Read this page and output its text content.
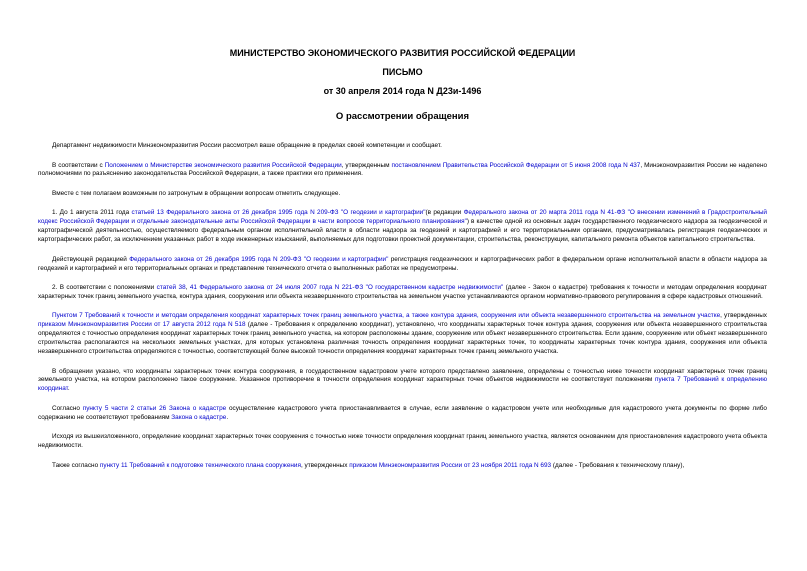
МИНИСТЕРСТВО ЭКОНОМИЧЕСКОГО РАЗВИТИЯ РОССИЙСКОЙ ФЕДЕРАЦИИ
ПИСЬМО
от 30 апреля 2014 года N Д23и-1496
О рассмотрении обращения

Департамент недвижимости Минэкономразвития России рассмотрел ваше обращение в пределах своей компетенции и сообщает.

В соответствии с Положением о Министерстве экономического развития Российской Федерации, утвержденным постановлением Правительства Российской Федерации от 5 июня 2008 года N 437, Минэкономразвития России не наделено полномочиями по разъяснению законодательства Российской Федерации, а также практики его применения.

Вместе с тем полагаем возможным по затронутым в обращении вопросам отметить следующее.

1. До 1 августа 2011 года статьей 13 Федерального закона от 26 декабря 1995 года N 209-ФЗ "О геодезии и картографии"(в редакции Федерального закона от 20 марта 2011 года N 41-ФЗ "О внесении изменений в Градостроительный кодекс Российской Федерации и отдельные законодательные акты Российской Федерации в части вопросов территориального планирования") в качестве одной из основных задач государственного геодезического надзора за геодезической и картографической деятельностью, осуществляемого федеральным органом исполнительной власти в области надзора за геодезией и картографией и его территориальными органами, предусматривалась регистрация геодезических и картографических работ, за исключением указанных работ в ходе инженерных изысканий, выполняемых для подготовки проектной документации, строительства, реконструкции, капитального ремонта объектов капитального строительства.

Действующей редакцией Федерального закона от 26 декабря 1995 года N 209-ФЗ "О геодезии и картографии" регистрация геодезических и картографических работ в федеральном органе исполнительной власти в области надзора за геодезией и картографией и его территориальных органах и представление технического отчета о выполненных работах не предусмотрены.

2. В соответствии с положениями статей 38, 41 Федерального закона от 24 июля 2007 года N 221-ФЗ "О государственном кадастре недвижимости" (далее - Закон о кадастре) требования к точности и методам определения координат характерных точек границ земельного участка, контура здания, сооружения или объекта незавершенного строительства на земельном участке устанавливаются органом нормативно-правового регулирования в сфере кадастровых отношений.

Пунктом 7 Требований к точности и методам определения координат характерных точек границ земельного участка, а также контура здания, сооружения или объекта незавершенного строительства на земельном участке, утвержденных приказом Минэкономразвития России от 17 августа 2012 года N 518 (далее - Требования к определению координат), установлено, что координаты характерных точек контура здания, сооружения или объекта незавершенного строительства определяются с точностью определения координат характерных точек границ земельного участка, на котором расположены здание, сооружение или объект незавершенного строительства. Если здание, сооружение или объект незавершенного строительства располагаются на нескольких земельных участках, для которых установлена различная точность определения координат характерных точек, то координаты характерных точек контура здания, сооружения или объекта незавершенного строительства определяются с точностью, соответствующей более высокой точности определения координат характерных точек границ земельного участка.

В обращении указано, что координаты характерных точек контура сооружения, в государственном кадастровом учете которого представлено заявление, определены с точностью ниже точности координат характерных точек границ земельного участка, на котором расположено такое сооружение. Указанное противоречие в точности определения координат характерных точек объектов недвижимости не соответствует положениям пункта 7 Требований к определению координат.

Согласно пункту 5 части 2 статьи 26 Закона о кадастре осуществление кадастрового учета приостанавливается в случае, если заявление о кадастровом учете или необходимые для кадастрового учета документы по форме либо содержанию не соответствуют требованиям Закона о кадастре.

Исходя из вышеизложенного, определение координат характерных точек сооружения с точностью ниже точности определения координат границ земельного участка, является основанием для приостановления кадастрового учета объекта недвижимости.

Также согласно пункту 11 Требований к подготовке технического плана сооружения, утвержденных приказом Минэкономразвития России от 23 ноября 2011 года N 693 (далее - Требования к техническому плану),
